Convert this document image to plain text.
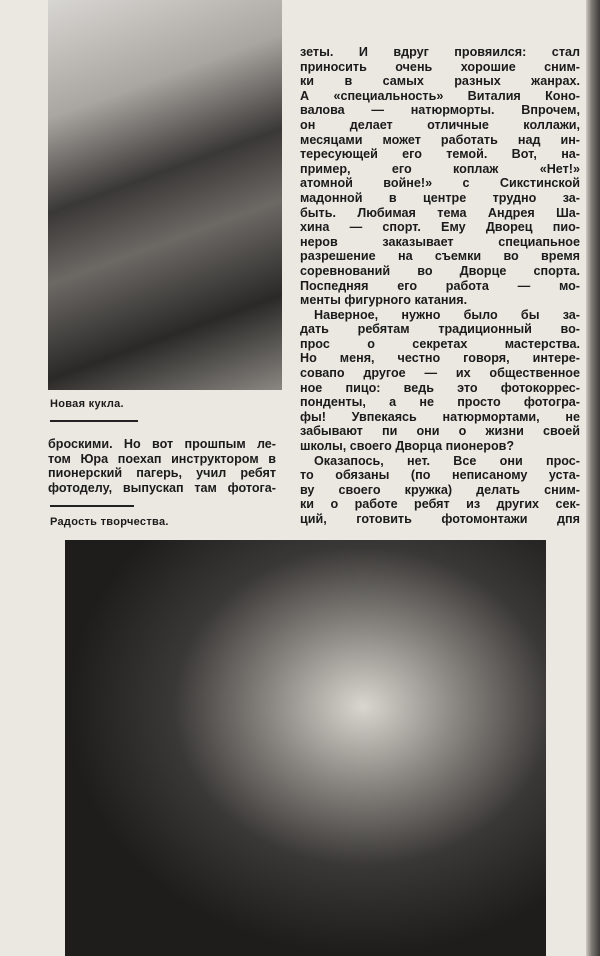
Новая кукла.
броскими. Но вот прошпым ле-
том Юра поехап инструктором в
пионерский пагерь, учил ребят
фотоделу, выпускап там фотога-
Радость творчества.
зеты. И вдруг провяился: стал
приносить очень хорошие сним-
ки в самых разных жанрах.
А «специальность» Виталия Коно-
валова — натюрморты. Впрочем,
он делает отличные коллажи,
месяцами может работать над ин-
тересующей его темой. Вот, на-
пример, его коплаж «Нет!»
атомной войне!» с Сикстинской
мадонной в центре трудно за-
быть. Любимая тема Андрея Ша-
хина — спорт. Ему Дворец пио-
неров заказывает специапьное
разрешение на съемки во время
соревнований во Дворце спорта.
Поспедняя его работа — мо-
менты фигурного катания.
Наверное, нужно было бы за-
дать ребятам традиционный во-
прос о секретах мастерства.
Но меня, честно говоря, интере-
совапо другое — их общественное
ное пицо: ведь это фотокоррес-
понденты, а не просто фотогра-
фы! Увпекаясь натюрмортами, не
забывают пи они о жизни своей
школы, своего Дворца пионеров?
Оказапось, нет. Все они прос-
то обязаны (по неписаному уста-
ву своего кружка) делать сним-
ки о работе ребят из других сек-
ций, готовить фотомонтажи дпя
